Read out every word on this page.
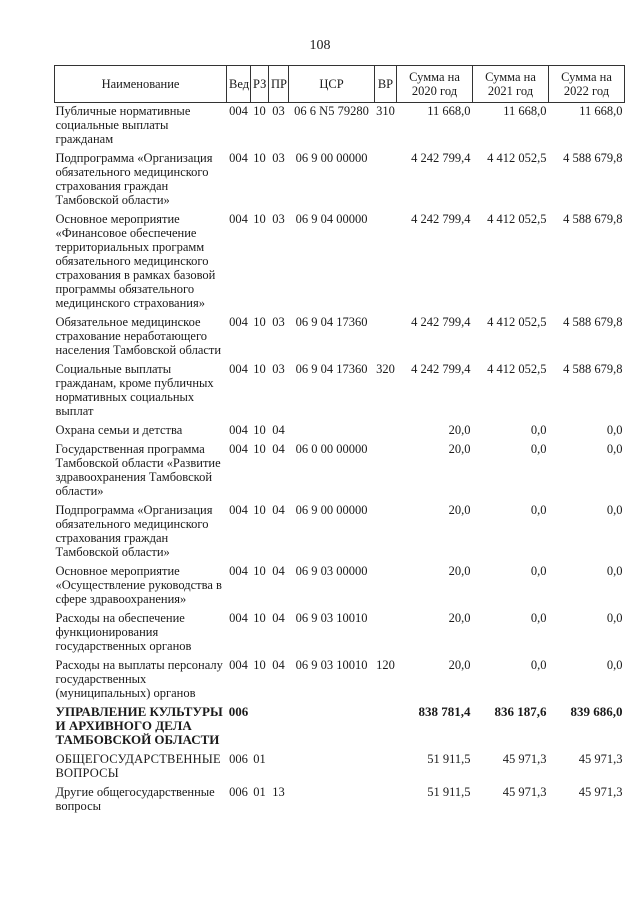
108
Наименование	Вед	РЗ	ПР	ЦСР	ВР	Сумма на 2020 год	Сумма на 2021 год	Сумма на 2022 год
Публичные нормативные социальные выплаты гражданам	004	10	03	06 6 N5 79280	310	11 668,0	11 668,0	11 668,0
Подпрограмма «Организация обязательного медицинского страхования граждан Тамбовской области»	004	10	03	06 9 00 00000		4 242 799,4	4 412 052,5	4 588 679,8
Основное мероприятие «Финансовое обеспечение территориальных программ обязательного медицинского страхования в рамках базовой программы обязательного медицинского страхования»	004	10	03	06 9 04 00000		4 242 799,4	4 412 052,5	4 588 679,8
Обязательное медицинское страхование неработающего населения Тамбовской области	004	10	03	06 9 04 17360		4 242 799,4	4 412 052,5	4 588 679,8
Социальные выплаты гражданам, кроме публичных нормативных социальных выплат	004	10	03	06 9 04 17360	320	4 242 799,4	4 412 052,5	4 588 679,8
Охрана семьи и детства	004	10	04			20,0	0,0	0,0
Государственная программа Тамбовской области «Развитие здравоохранения Тамбовской области»	004	10	04	06 0 00 00000		20,0	0,0	0,0
Подпрограмма «Организация обязательного медицинского страхования граждан Тамбовской области»	004	10	04	06 9 00 00000		20,0	0,0	0,0
Основное мероприятие «Осуществление руководства в сфере здравоохранения»	004	10	04	06 9 03 00000		20,0	0,0	0,0
Расходы на обеспечение функционирования государственных органов	004	10	04	06 9 03 10010		20,0	0,0	0,0
Расходы на выплаты персоналу государственных (муниципальных) органов	004	10	04	06 9 03 10010	120	20,0	0,0	0,0
УПРАВЛЕНИЕ КУЛЬТУРЫ И АРХИВНОГО ДЕЛА ТАМБОВСКОЙ ОБЛАСТИ	006					838 781,4	836 187,6	839 686,0
ОБЩЕГОСУДАРСТВЕННЫЕ ВОПРОСЫ	006	01				51 911,5	45 971,3	45 971,3
Другие общегосударственные вопросы	006	01	13			51 911,5	45 971,3	45 971,3
